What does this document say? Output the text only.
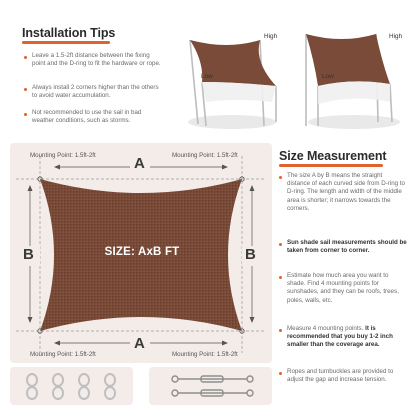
Installation Tips
Leave a 1.5-2ft distance between the fixing point and the D-ring to fit the hardware or rope.
Always install 2 corners higher than the others to avoid water accumulation.
Not recommended to use the sail in bad weather conditions, such as storms.
High
Low
High
Low
A
A
B	B
Mounting Point: 1.5ft-2ft	Mounting Point: 1.5ft-2ft
Mounting Point: 1.5ft-2ft	Mounting Point: 1.5ft-2ft
SIZE: AxB FT
Size Measurement
The size A by B means the straight distance of each curved side from D-ring to D-ring. The length and width of the middle area is shorter; it narrows towards the corners.
Sun shade sail measurements should be taken from corner to corner.
Estimate how much area you want to shade. Find 4 mounting points for sunshades, and they can be roofs, trees, poles, walls, etc.
Measure 4 mounting points. It is recommended that you buy 1-2 inch smaller than the coverage area.
Ropes and turnbuckles are provided to adjust the gap and increase tension.
